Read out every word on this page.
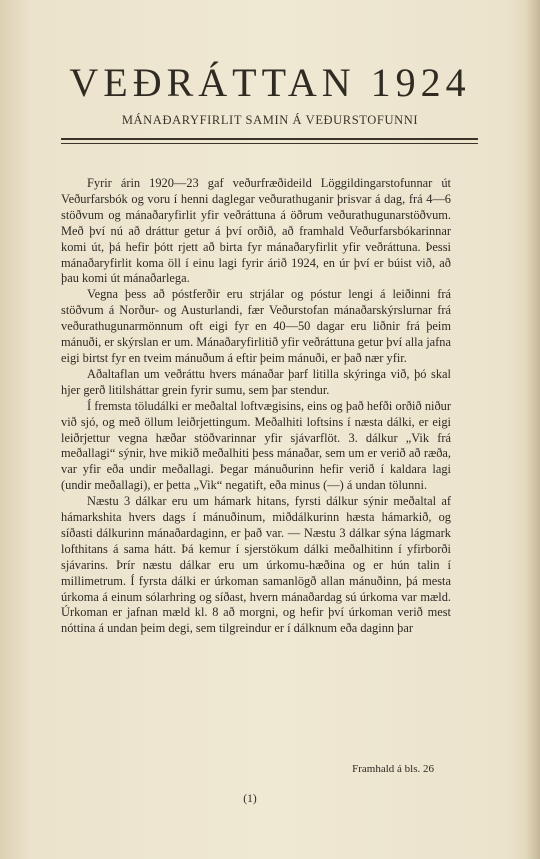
VEÐRÁTTAN 1924
MÁNAÐARYFIRLIT SAMIN Á VEÐURSTOFUNNI

Fyrir árin 1920—23 gaf veðurfræðideild Löggildingarstofunnar út Veðurfarsbók og voru í henni daglegar veðurathuganir þrisvar á dag, frá 4—6 stöðvum og mánaðaryfirlit yfir veðráttuna á öðrum veðurathugunarstöðvum. Með því nú að dráttur getur á því orðið, að framhald Veðurfarsbókarinnar komi út, þá hefir þótt rjett að birta fyr mánaðaryfirlit yfir veðráttuna. Þessi mánaðaryfirlit koma öll í einu lagi fyrir árið 1924, en úr því er búist við, að þau komi út mánaðarlega.

Vegna þess að póstferðir eru strjálar og póstur lengi á leiðinni frá stöðvum á Norður- og Austurlandi, fær Veðurstofan mánaðarskýrslurnar frá veðurathugunarmönnum oft eigi fyr en 40—50 dagar eru liðnir frá þeim mánuði, er skýrslan er um. Mánaðaryfirlitið yfir veðráttuna getur því alla jafna eigi birtst fyr en tveim mánuðum á eftir þeim mánuði, er það nær yfir.

Aðaltaflan um veðráttu hvers mánaðar þarf litilla skýringa við, þó skal hjer gerð litilsháttar grein fyrir sumu, sem þar stendur.

Í fremsta töludálki er meðaltal loftvægisins, eins og það hefði orðið niður við sjó, og með öllum leiðrjettingum. Meðalhiti loftsins í næsta dálki, er eigi leiðrjettur vegna hæðar stöðvarinnar yfir sjávarflöt. 3. dálkur „Vik frá meðallagi“ sýnir, hve mikið meðalhiti þess mánaðar, sem um er verið að ræða, var yfir eða undir meðallagi. Þegar mánuðurinn hefir verið í kaldara lagi (undir meðallagi), er þetta „Vik“ negatift, eða minus (—) á undan tölunni.

Næstu 3 dálkar eru um hámark hitans, fyrsti dálkur sýnir meðaltal af hámarkshita hvers dags í mánuðinum, miðdálkurinn hæsta hámarkið, og síðasti dálkurinn mánaðardaginn, er það var. — Næstu 3 dálkar sýna lágmark lofthitans á sama hátt. Þá kemur í sjerstökum dálki meðalhitinn í yfirborði sjávarins. Þrír næstu dálkar eru um úrkomu-hæðina og er hún talin í millimetrum. Í fyrsta dálki er úrkoman samanlögð allan mánuðinn, þá mesta úrkoma á einum sólarhring og síðast, hvern mánaðardag sú úrkoma var mæld. Úrkoman er jafnan mæld kl. 8 að morgni, og hefir því úrkoman verið mest nóttina á undan þeim degi, sem tilgreindur er í dálknum eða daginn þar

Framhald á bls. 26
(1)
